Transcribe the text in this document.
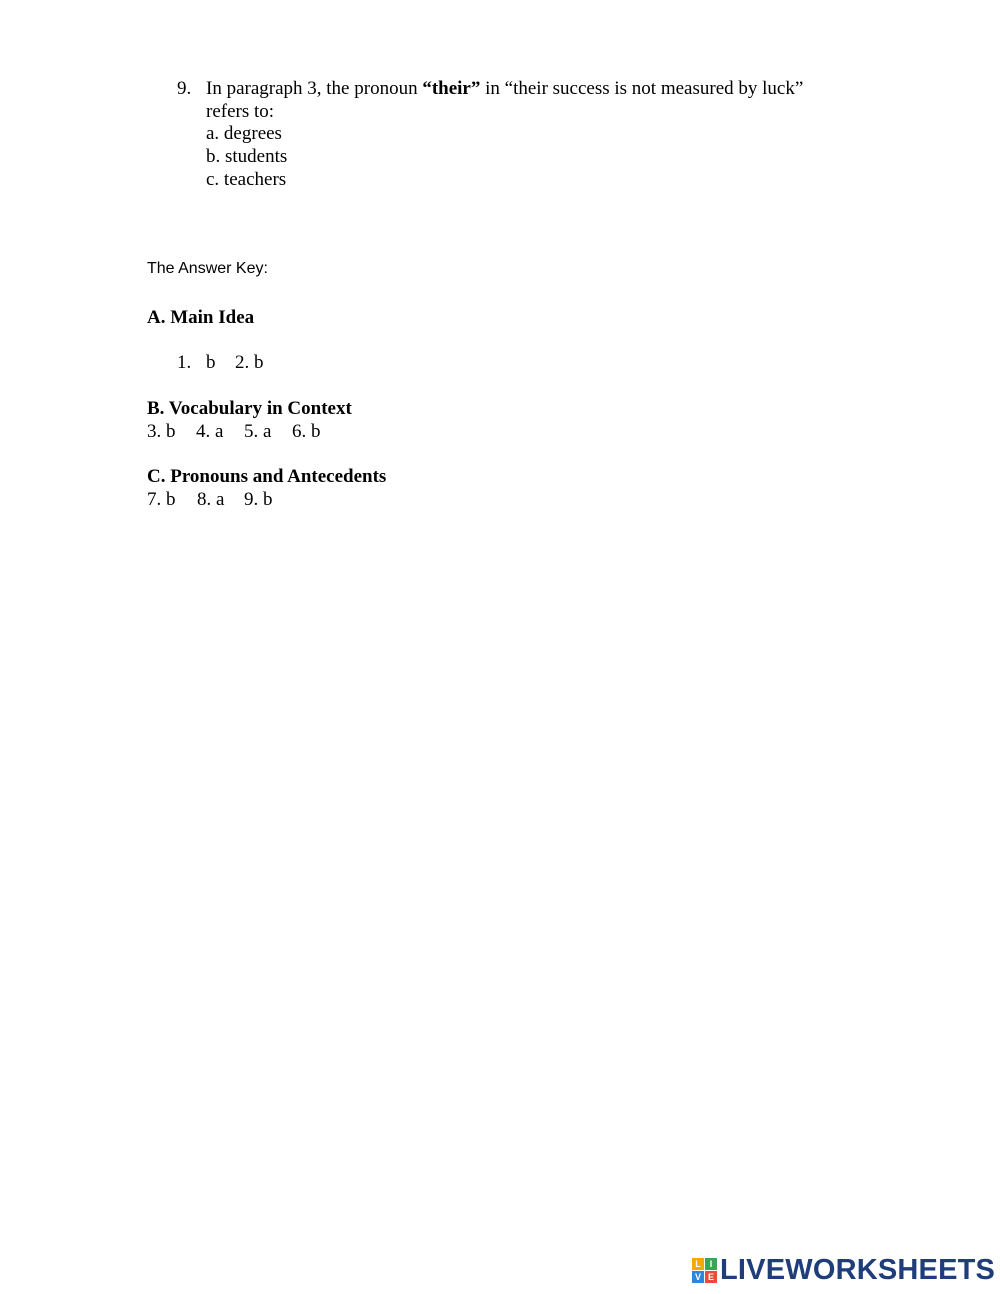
9. In paragraph 3, the pronoun “their” in “their success is not measured by luck”
refers to:
a. degrees
b. students
c. teachers
The Answer Key:
A. Main Idea
1. b 2. b
B. Vocabulary in Context
3. b 4. a 5. a 6. b
C. Pronouns and Antecedents
7. b 8. a 9. b
L I
V E LIVEWORKSHEETS
